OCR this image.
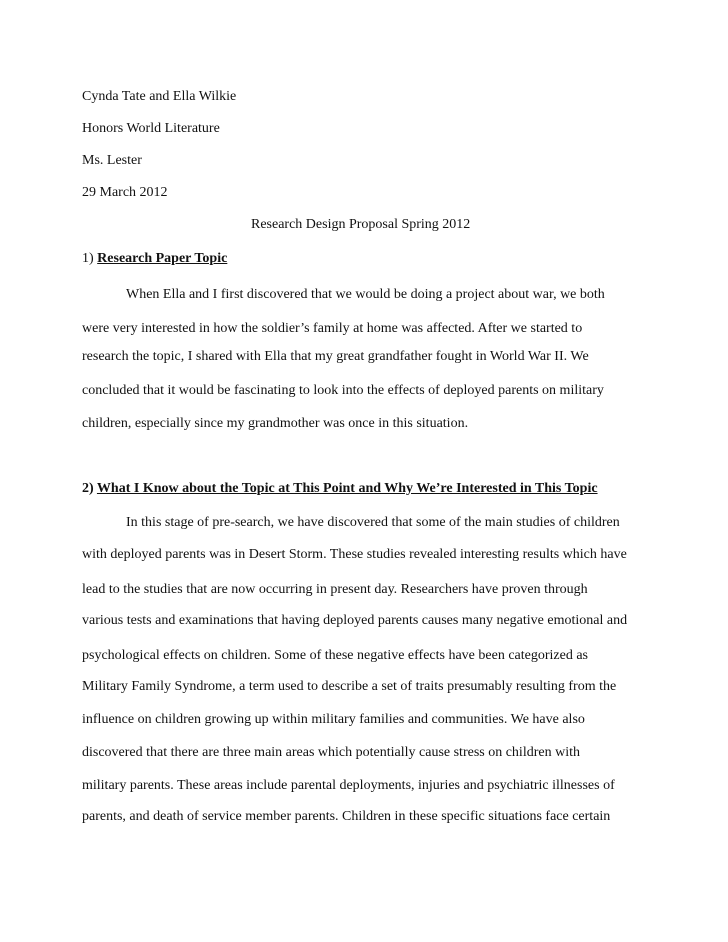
Cynda Tate and Ella Wilkie
Honors World Literature
Ms. Lester
29 March 2012
Research Design Proposal Spring 2012
1) Research Paper Topic
When Ella and I first discovered that we would be doing a project about war, we both
were very interested in how the soldier’s family at home was affected. After we started to
research the topic, I shared with Ella that my great grandfather fought in World War II. We
concluded that it would be fascinating to look into the effects of deployed parents on military
children, especially since my grandmother was once in this situation.
2) What I Know about the Topic at This Point and Why We’re Interested in This Topic
In this stage of pre-search, we have discovered that some of the main studies of children
with deployed parents was in Desert Storm. These studies revealed interesting results which have
lead to the studies that are now occurring in present day. Researchers have proven through
various tests and examinations that having deployed parents causes many negative emotional and
psychological effects on children. Some of these negative effects have been categorized as
Military Family Syndrome, a term used to describe a set of traits presumably resulting from the
influence on children growing up within military families and communities. We have also
discovered that there are three main areas which potentially cause stress on children with
military parents. These areas include parental deployments, injuries and psychiatric illnesses of
parents, and death of service member parents. Children in these specific situations face certain
